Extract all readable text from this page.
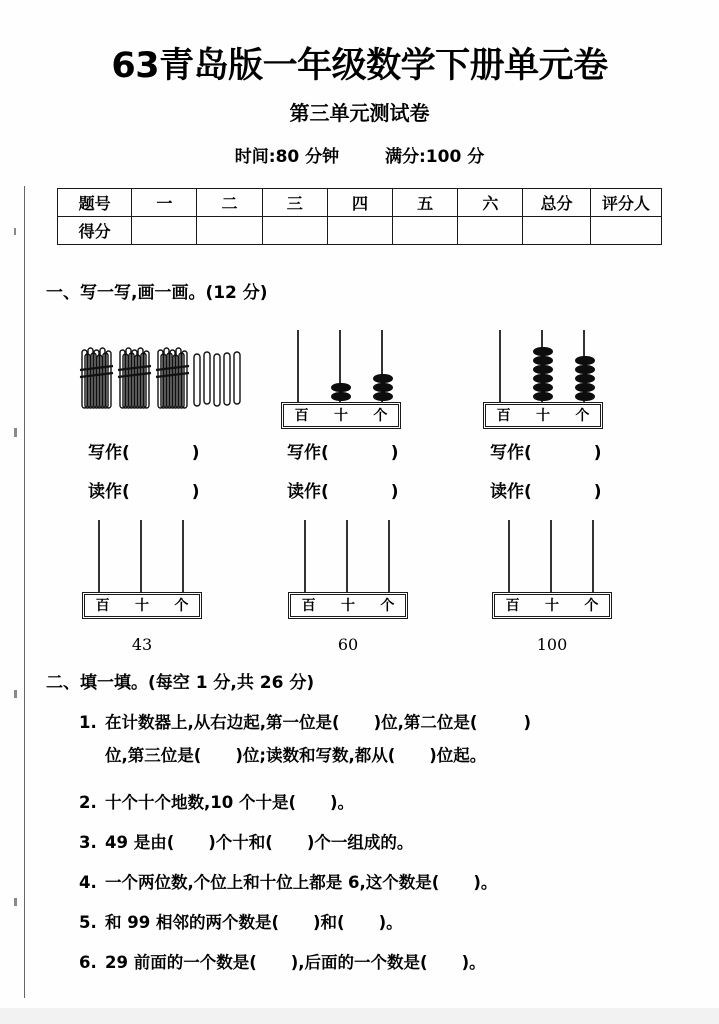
63青岛版一年级数学下册单元卷
第三单元测试卷
时间:80 分钟	满分:100 分
题号	一	二	三	四	五	六	总分	评分人
得分								
一、写一写,画一画。(12 分)
百	十	个	百	十	个
写作(	)
读作(	)
写作(	)
读作(	)
写作(	)
读作(	)
百	十	个
43
百	十	个
60
百	十	个
100
二、填一填。(每空 1 分,共 26 分)
1. 在计数器上,从右边起,第一位是( )位,第二位是(	)
位,第三位是( )位;读数和写数,都从( )位起。
2. 十个十个地数,10 个十是( )。
3. 49 是由( )个十和( )个一组成的。
4. 一个两位数,个位上和十位上都是 6,这个数是( )。
5. 和 99 相邻的两个数是( )和( )。
6. 29 前面的一个数是( ),后面的一个数是( )。
